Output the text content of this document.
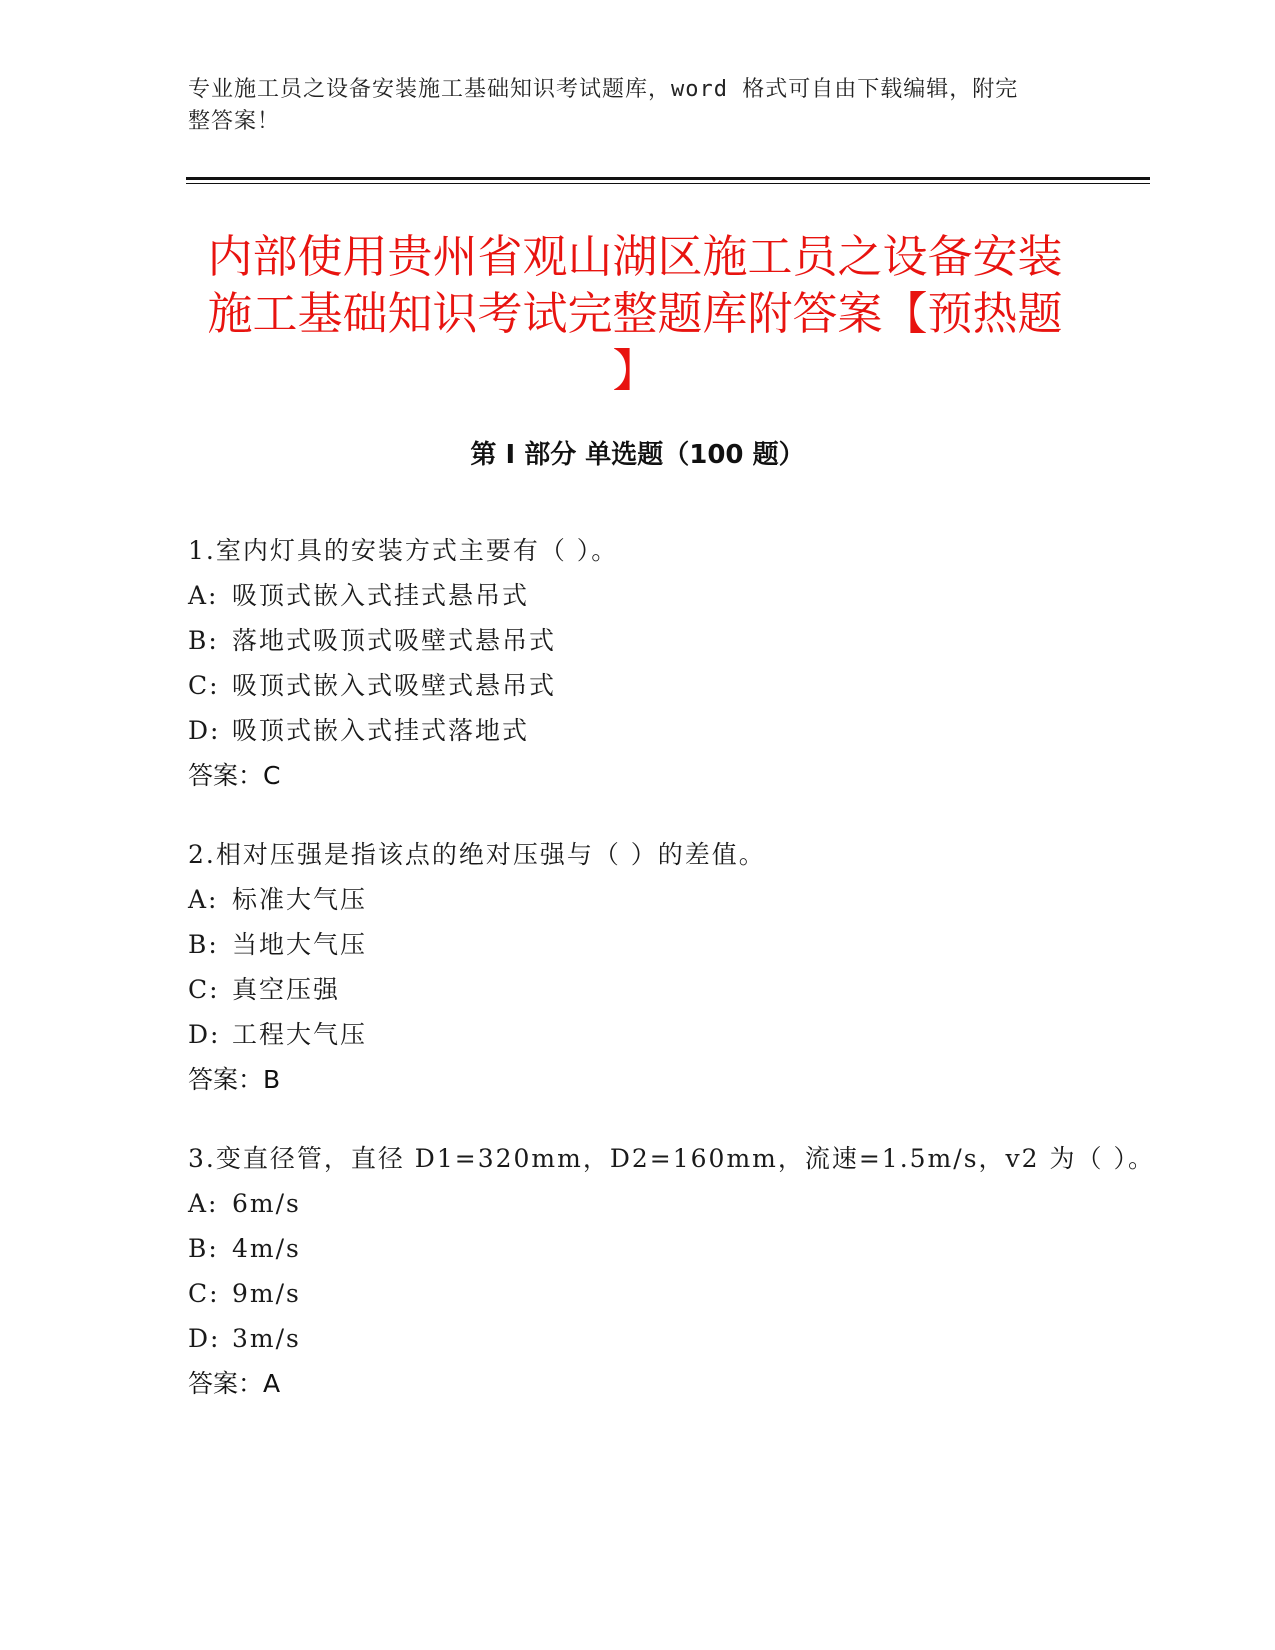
专业施工员之设备安装施工基础知识考试题库，word 格式可自由下载编辑，附完
整答案！
内部使用贵州省观山湖区施工员之设备安装
施工基础知识考试完整题库附答案【预热题
】
第 I 部分 单选题（100 题）
1.室内灯具的安装方式主要有（ ）。
A: 吸顶式嵌入式挂式悬吊式
B: 落地式吸顶式吸壁式悬吊式
C: 吸顶式嵌入式吸壁式悬吊式
D: 吸顶式嵌入式挂式落地式
答案：C
2.相对压强是指该点的绝对压强与（ ）的差值。
A: 标准大气压
B: 当地大气压
C: 真空压强
D: 工程大气压
答案：B
3.变直径管，直径 D1=320mm，D2=160mm，流速=1.5m/s，v2 为（ ）。
A: 6m/s
B: 4m/s
C: 9m/s
D: 3m/s
答案：A
